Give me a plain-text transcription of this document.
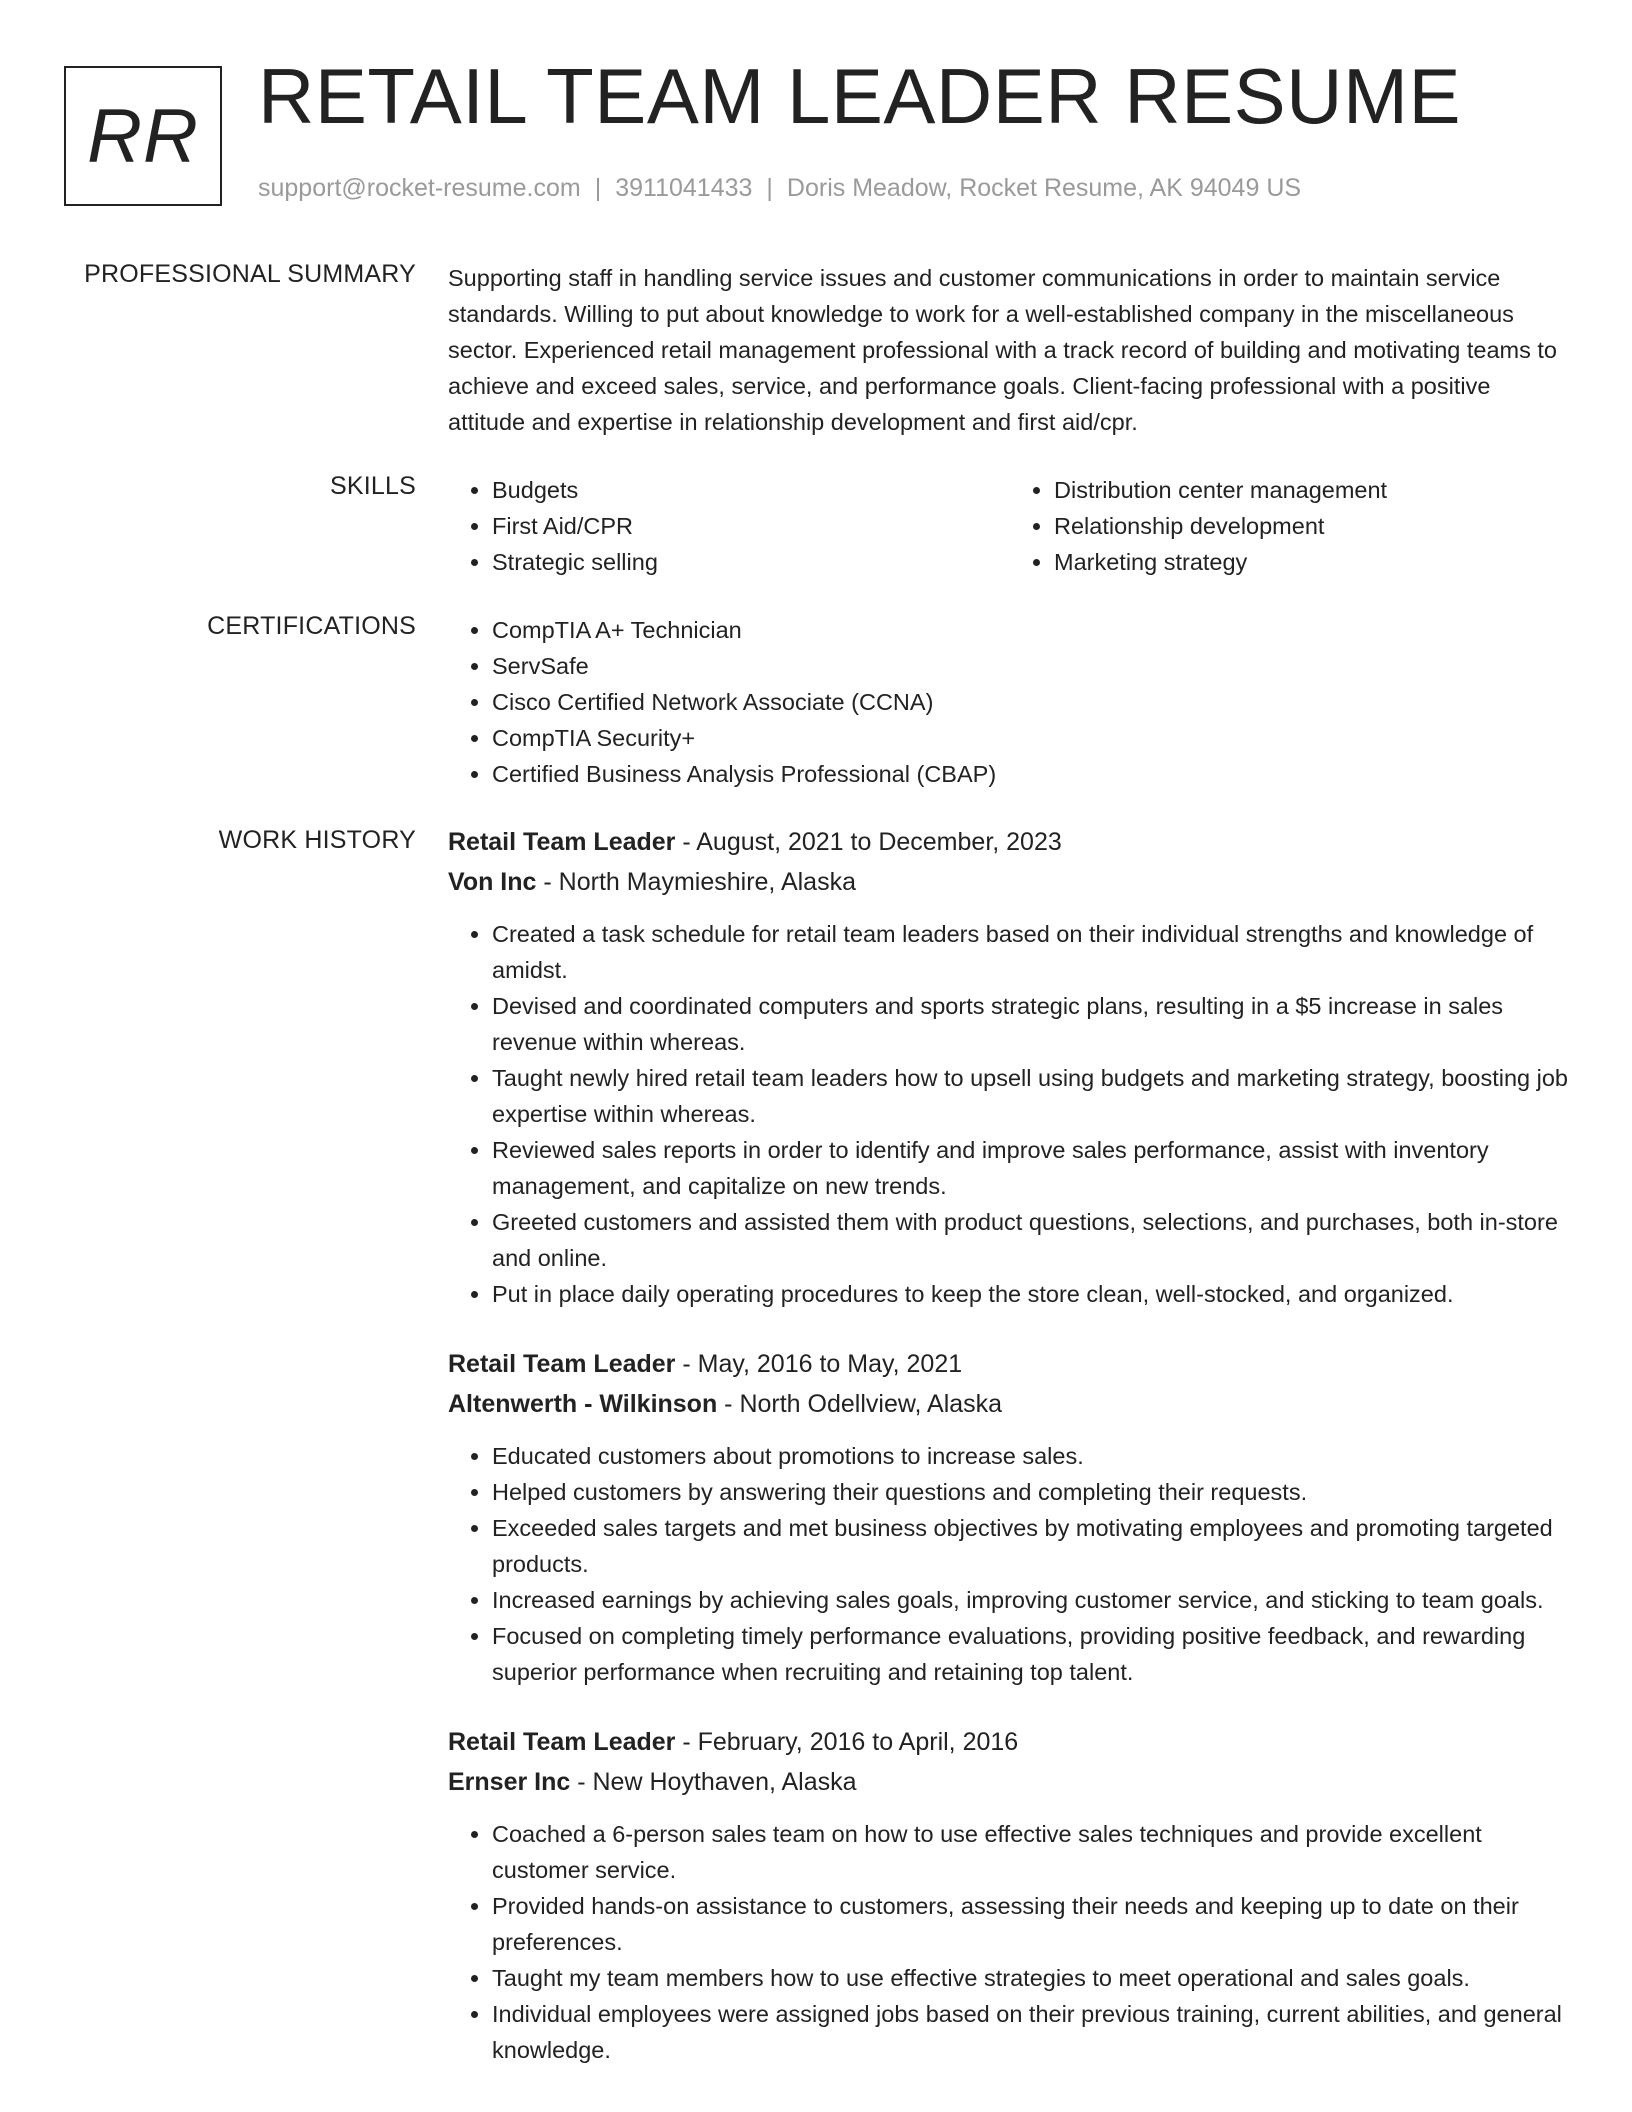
RR RETAIL TEAM LEADER RESUME
support@rocket-resume.com | 3911041433 | Doris Meadow, Rocket Resume, AK 94049 US
PROFESSIONAL SUMMARY Supporting staff in handling service issues and customer communications in order to maintain service standards. Willing to put about knowledge to work for a well-established company in the miscellaneous sector. Experienced retail management professional with a track record of building and motivating teams to achieve and exceed sales, service, and performance goals. Client-facing professional with a positive attitude and expertise in relationship development and first aid/cpr.

SKILLS	• Budgets
• First Aid/CPR
• Strategic selling
• Distribution center management
• Relationship development
• Marketing strategy
CERTIFICATIONS	• CompTIA A+ Technician
• ServSafe
• Cisco Certified Network Associate (CCNA)
• CompTIA Security+
• Certified Business Analysis Professional (CBAP)
WORK HISTORY Retail Team Leader - August, 2021 to December, 2023
Von Inc - North Maymieshire, Alaska
• Created a task schedule for retail team leaders based on their individual strengths and knowledge of amidst.
• Devised and coordinated computers and sports strategic plans, resulting in a $5 increase in sales revenue within whereas.
• Taught newly hired retail team leaders how to upsell using budgets and marketing strategy, boosting job expertise within whereas.
• Reviewed sales reports in order to identify and improve sales performance, assist with inventory management, and capitalize on new trends.
• Greeted customers and assisted them with product questions, selections, and purchases, both in-store and online.
• Put in place daily operating procedures to keep the store clean, well-stocked, and organized.
Retail Team Leader - May, 2016 to May, 2021
Altenwerth - Wilkinson - North Odellview, Alaska
• Educated customers about promotions to increase sales.
• Helped customers by answering their questions and completing their requests.
• Exceeded sales targets and met business objectives by motivating employees and promoting targeted products.
• Increased earnings by achieving sales goals, improving customer service, and sticking to team goals.
• Focused on completing timely performance evaluations, providing positive feedback, and rewarding superior performance when recruiting and retaining top talent.
Retail Team Leader - February, 2016 to April, 2016
Ernser Inc - New Hoythaven, Alaska
• Coached a 6-person sales team on how to use effective sales techniques and provide excellent customer service.
• Provided hands-on assistance to customers, assessing their needs and keeping up to date on their preferences.
• Taught my team members how to use effective strategies to meet operational and sales goals.
• Individual employees were assigned jobs based on their previous training, current abilities, and general knowledge.
